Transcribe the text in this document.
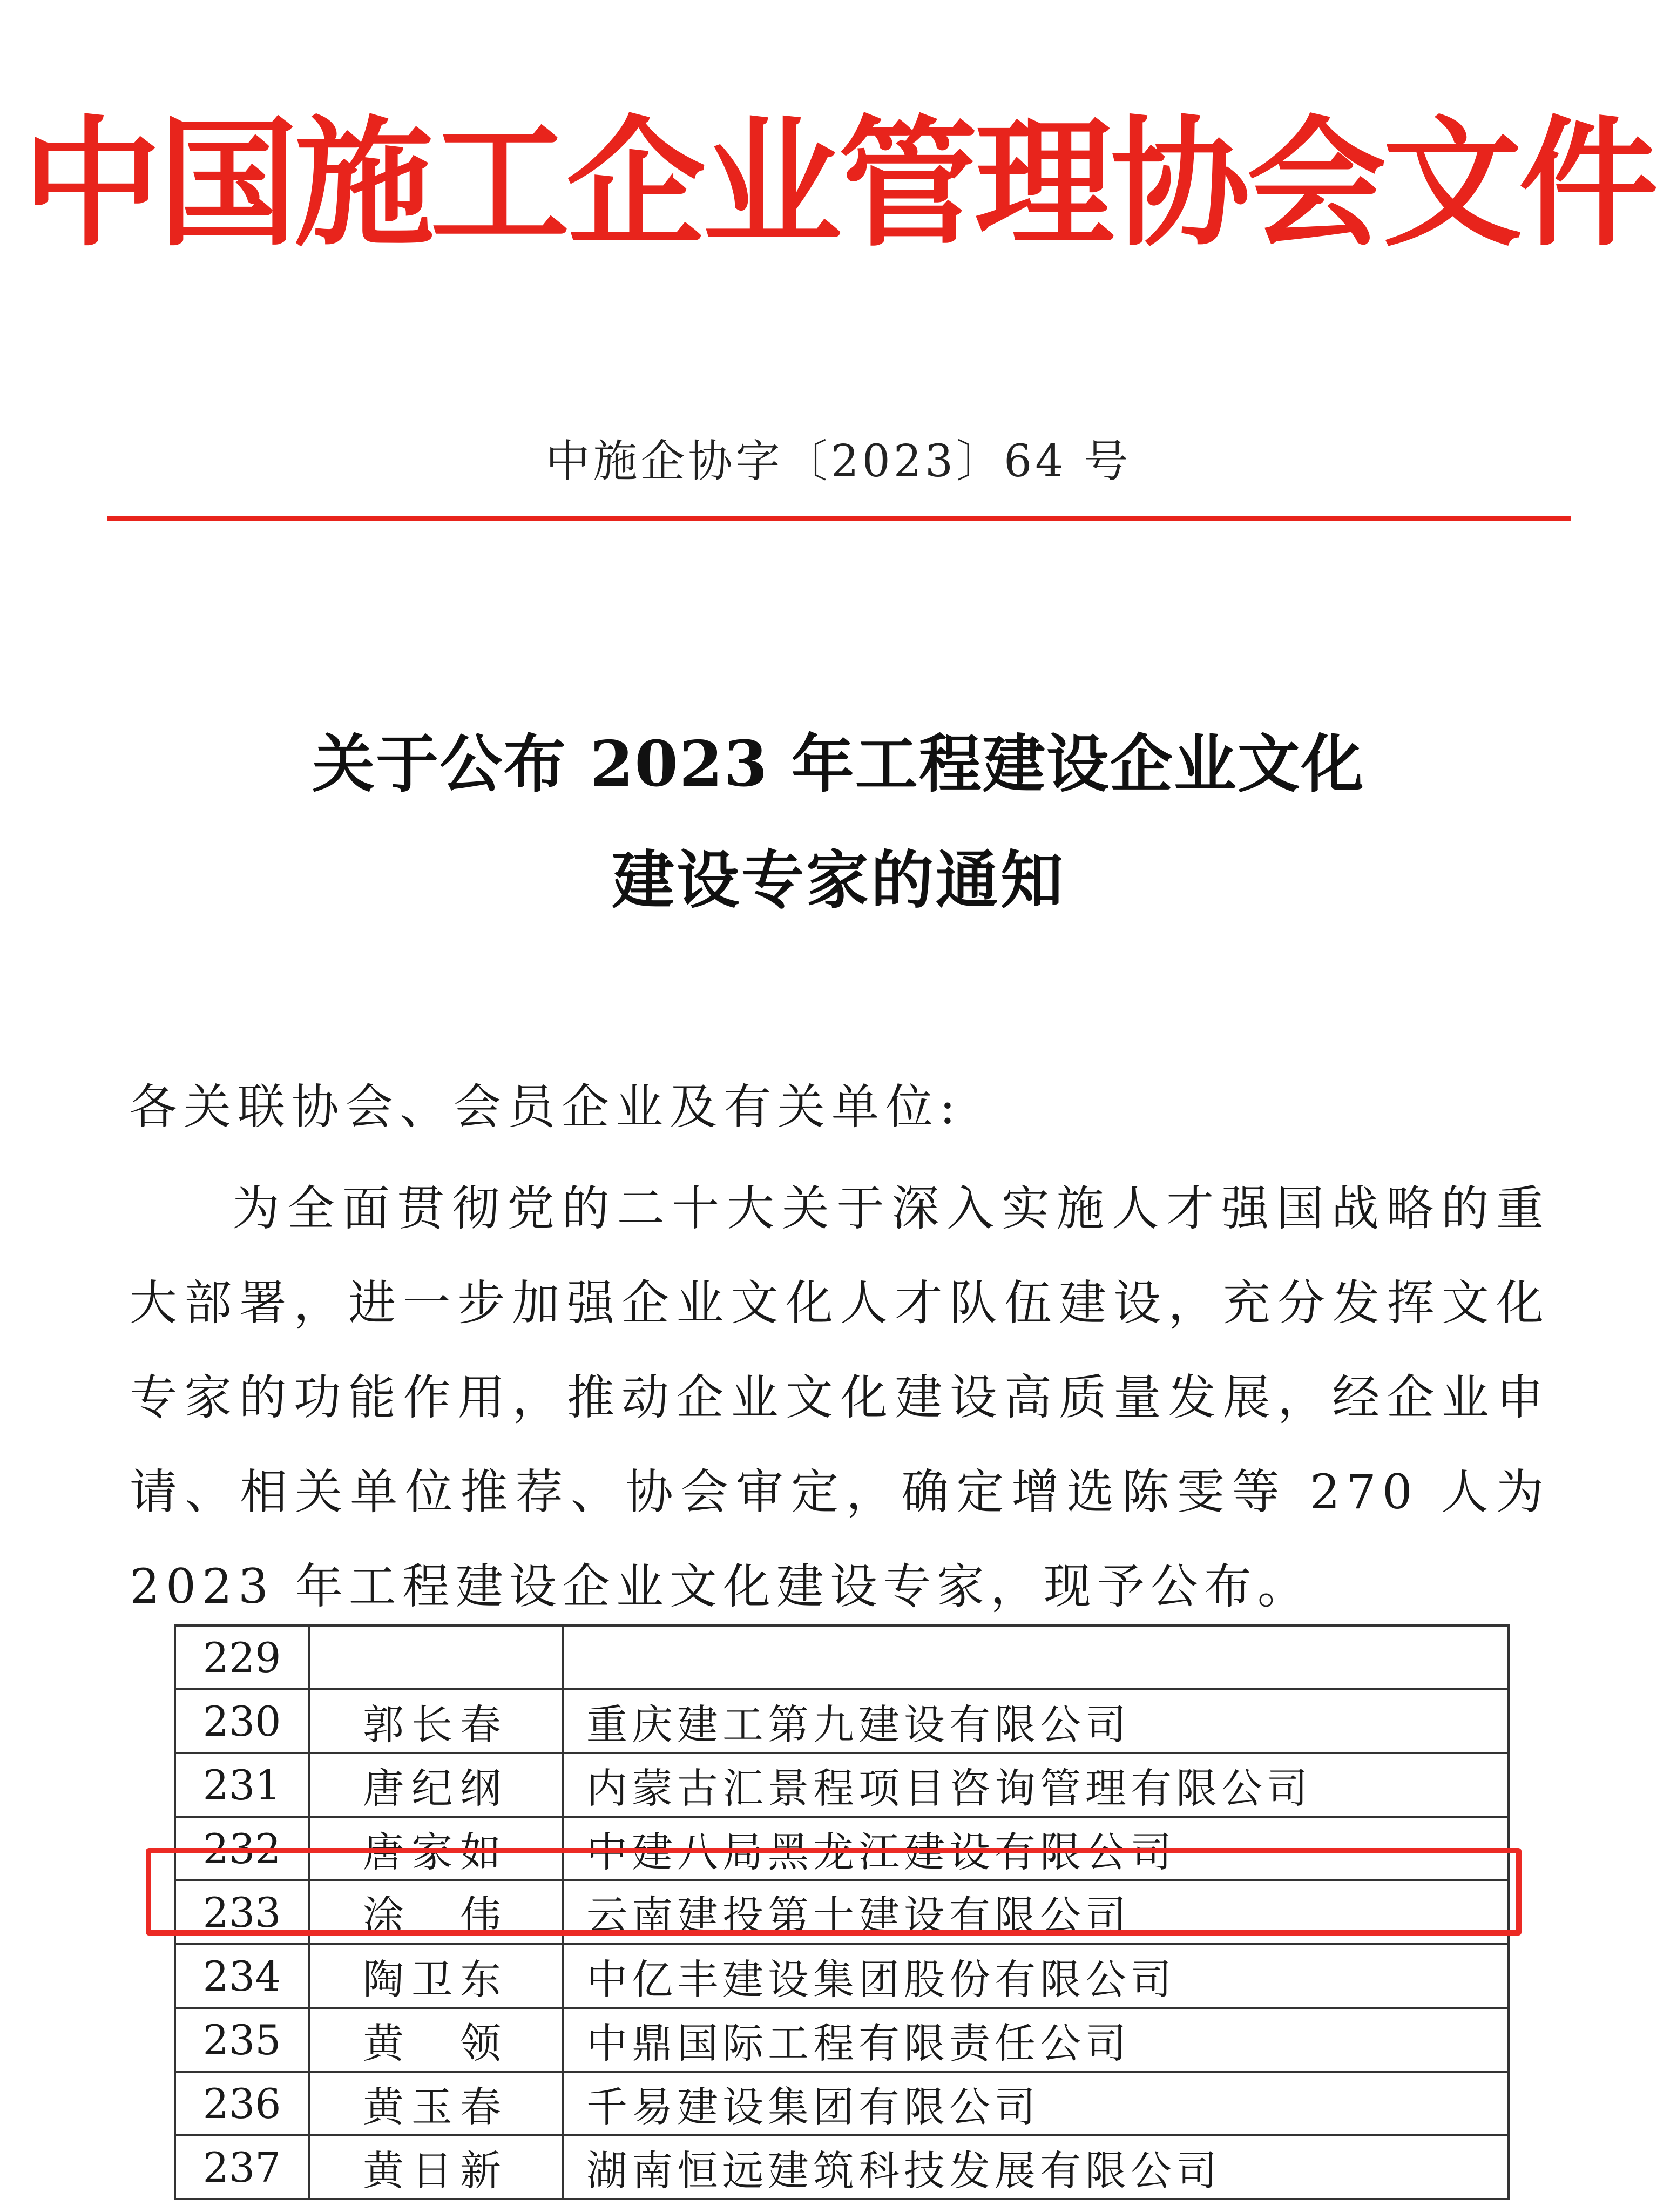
中国施工企业管理协会文件
中施企协字〔2023〕64 号
关于公布 2023 年工程建设企业文化
建设专家的通知
各关联协会、会员企业及有关单位:
为全面贯彻党的二十大关于深入实施人才强国战略的重大部署，进一步加强企业文化人才队伍建设，充分发挥文化专家的功能作用，推动企业文化建设高质量发展，经企业申请、相关单位推荐、协会审定，确定增选陈雯等 270 人为 2023 年工程建设企业文化建设专家，现予公布。
229		
230	郭长春	重庆建工第九建设有限公司
231	唐纪纲	内蒙古汇景程项目咨询管理有限公司
232	唐家如	中建八局黑龙江建设有限公司
233	涂　伟	云南建投第十建设有限公司
234	陶卫东	中亿丰建设集团股份有限公司
235	黄　领	中鼎国际工程有限责任公司
236	黄玉春	千易建设集团有限公司
237	黄日新	湖南恒远建筑科技发展有限公司
